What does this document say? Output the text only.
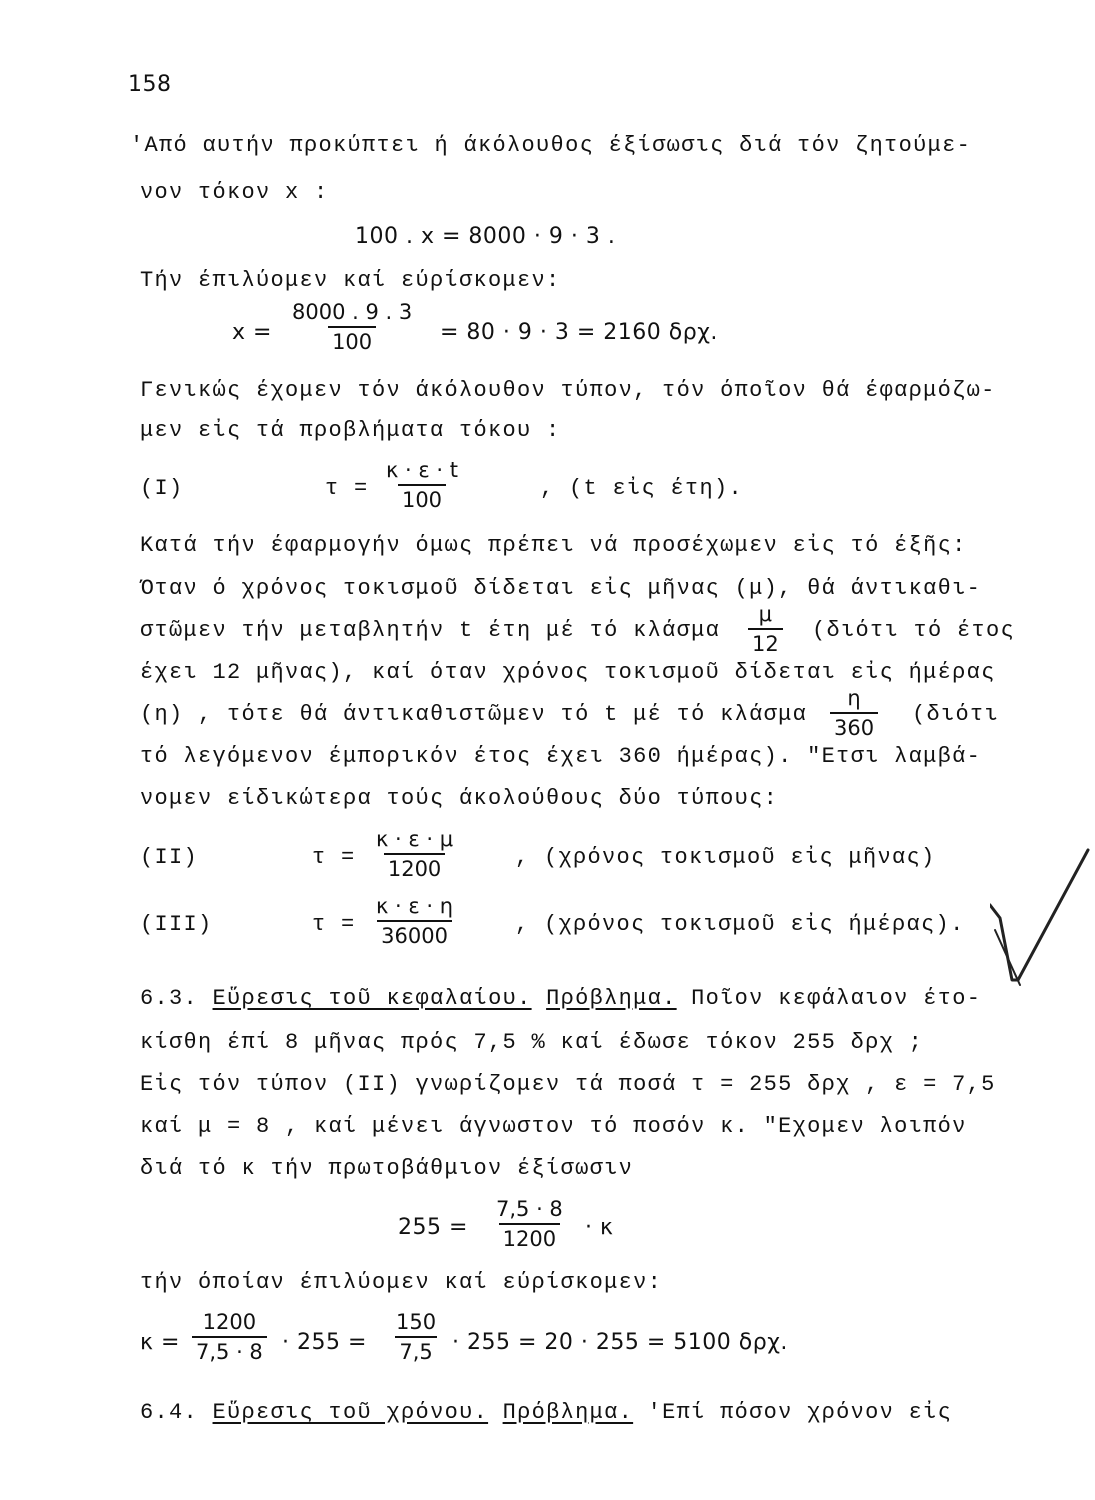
158
'Από αυτήν προκύπτει ή άκόλουθος έξίσωσις διά τόν ζητούμε-
νον τόκον x :
100 . x = 8000 · 9 · 3 .
Τήν έπιλύομεν καί εύρίσκομεν:
$x = \frac{8000 . 9 . 3}{100} = 80 \cdot 9 \cdot 3 = 2160$ δρχ.
Γενικώς έχομεν τόν άκόλουθον τύπον, τόν όποῖον θά έφαρμόζω-
μεν εἰς τά προβλήματα τόκου :
(I)	$\tau = \frac{\kappa \cdot \varepsilon \cdot t}{100}$	, (t εἰς έτη).
Κατά τήν έφαρμογήν όμως πρέπει νά προσέχωμεν εἰς τό έξῆς:
Όταν ό χρόνος τοκισμοῦ δίδεται εἰς μῆνας (μ), θά άντικαθι-
στῶμεν τήν μεταβλητήν t έτη μέ τό κλάσμα $\frac{\mu}{12} (\delta\iota ό\tau\iota$ τό έτος
έχει 12 μῆνας), καί όταν χρόνος τοκισμοῦ δίδεται εἰς ήμέρας
(η) , τότε θά άντικαθιστῶμεν τό t μέ τό κλάσμα $\frac{\eta}{360} (\delta\iota ό\tau\iota$
τό λεγόμενον έμπορικόν έτος έχει 360 ήμέρας). "Ετσι λαμβά-
νομεν είδικώτερα τούς άκολούθους δύο τύπους:
(II)	$\tau = \frac{\kappa \cdot \varepsilon \cdot \mu}{1200}$	, (χρόνος τοκισμοῦ εἰς μῆνας)
(III)	$\tau = \frac{\kappa \cdot \varepsilon \cdot \eta}{36000}$	, (χρόνος τοκισμοῦ εἰς ήμέρας).
6.3. Εὕρεσις τοῦ κεφαλαίου. Πρόβλημα. Ποῖον κεφάλαιον έτο-
κίσθη έπί 8 μῆνας πρός 7,5 % καί έδωσε τόκον 255 δρχ ;
Εἰς τόν τύπον (II) γνωρίζομεν τά ποσά τ = 255 δρχ , ε = 7,5
καί μ = 8 , καί μένει άγνωστον τό ποσόν κ. "Εχομεν λοιπόν
διά τό κ τήν πρωτοβάθμιον έξίσωσιν
$255 = \frac{7,5 \cdot 8}{1200} \cdot \kappa$
τήν όποίαν έπιλύομεν καί εύρίσκομεν:
$\kappa = \frac{1200}{7,5 \cdot 8} \cdot 255 = \frac{150}{7,5} \cdot 255 = 20 \cdot 255 = 5100$ δρχ.
6.4. Εὕρεσις τοῦ χρόνου. Πρόβλημα. 'Επί πόσον χρόνον εἰς
